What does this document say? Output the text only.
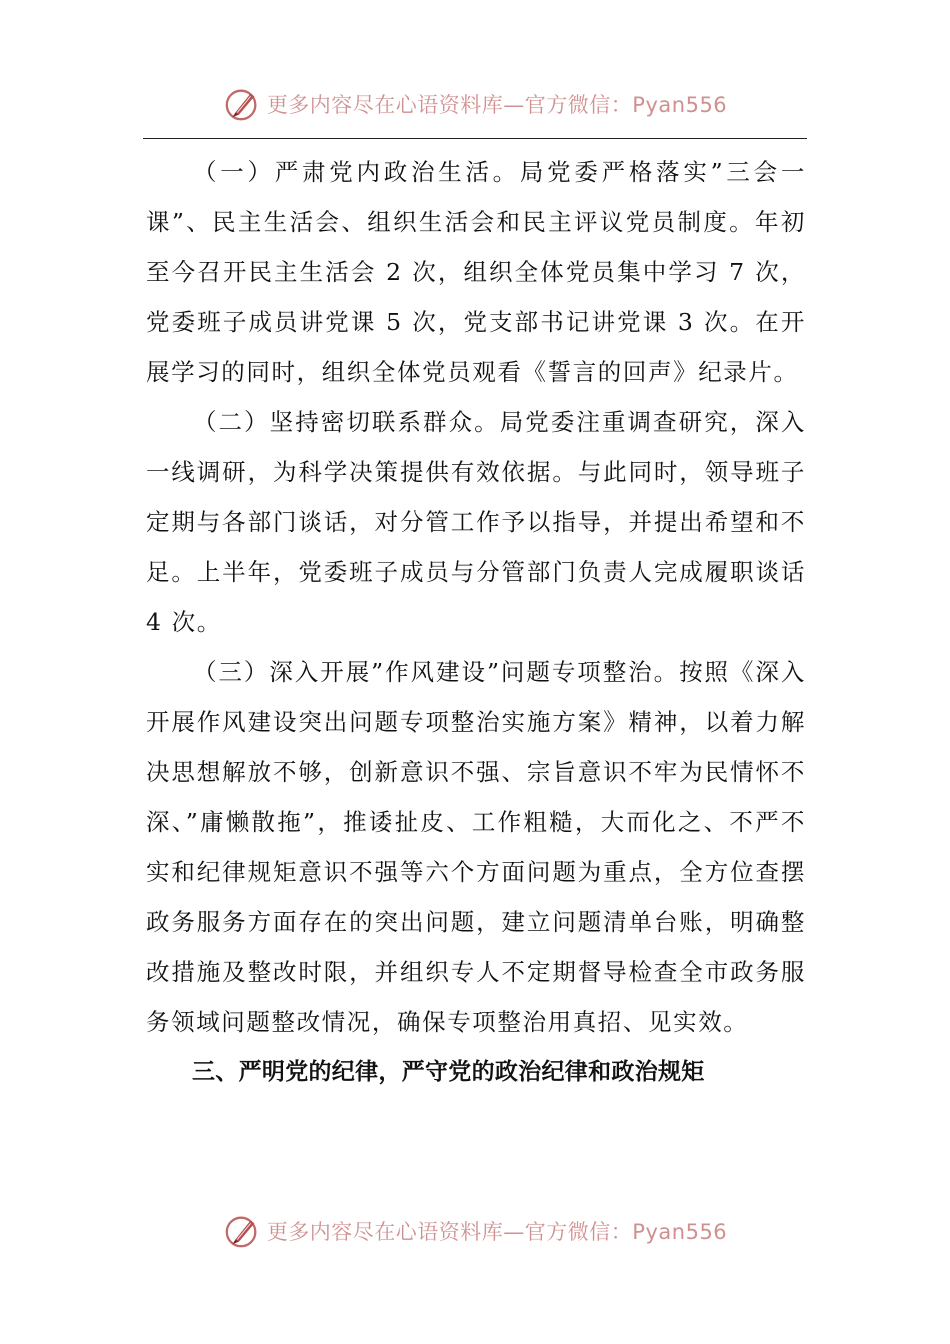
更多内容尽在心语资料库—官方微信：Pyan556

（一）严肃党内政治生活。局党委严格落实”三会一课”、民主生活会、组织生活会和民主评议党员制度。年初至今召开民主生活会 2 次，组织全体党员集中学习 7 次，党委班子成员讲党课 5 次，党支部书记讲党课 3 次。在开展学习的同时，组织全体党员观看《誓言的回声》纪录片。

（二）坚持密切联系群众。局党委注重调查研究，深入一线调研，为科学决策提供有效依据。与此同时，领导班子定期与各部门谈话，对分管工作予以指导，并提出希望和不足。上半年，党委班子成员与分管部门负责人完成履职谈话 4 次。

（三）深入开展”作风建设”问题专项整治。按照《深入开展作风建设突出问题专项整治实施方案》精神，以着力解决思想解放不够，创新意识不强、宗旨意识不牢为民情怀不深、”庸懒散拖”，推诿扯皮、工作粗糙，大而化之、不严不实和纪律规矩意识不强等六个方面问题为重点，全方位查摆政务服务方面存在的突出问题，建立问题清单台账，明确整改措施及整改时限，并组织专人不定期督导检查全市政务服务领域问题整改情况，确保专项整治用真招、见实效。

三、严明党的纪律，严守党的政治纪律和政治规矩

更多内容尽在心语资料库—官方微信：Pyan556
